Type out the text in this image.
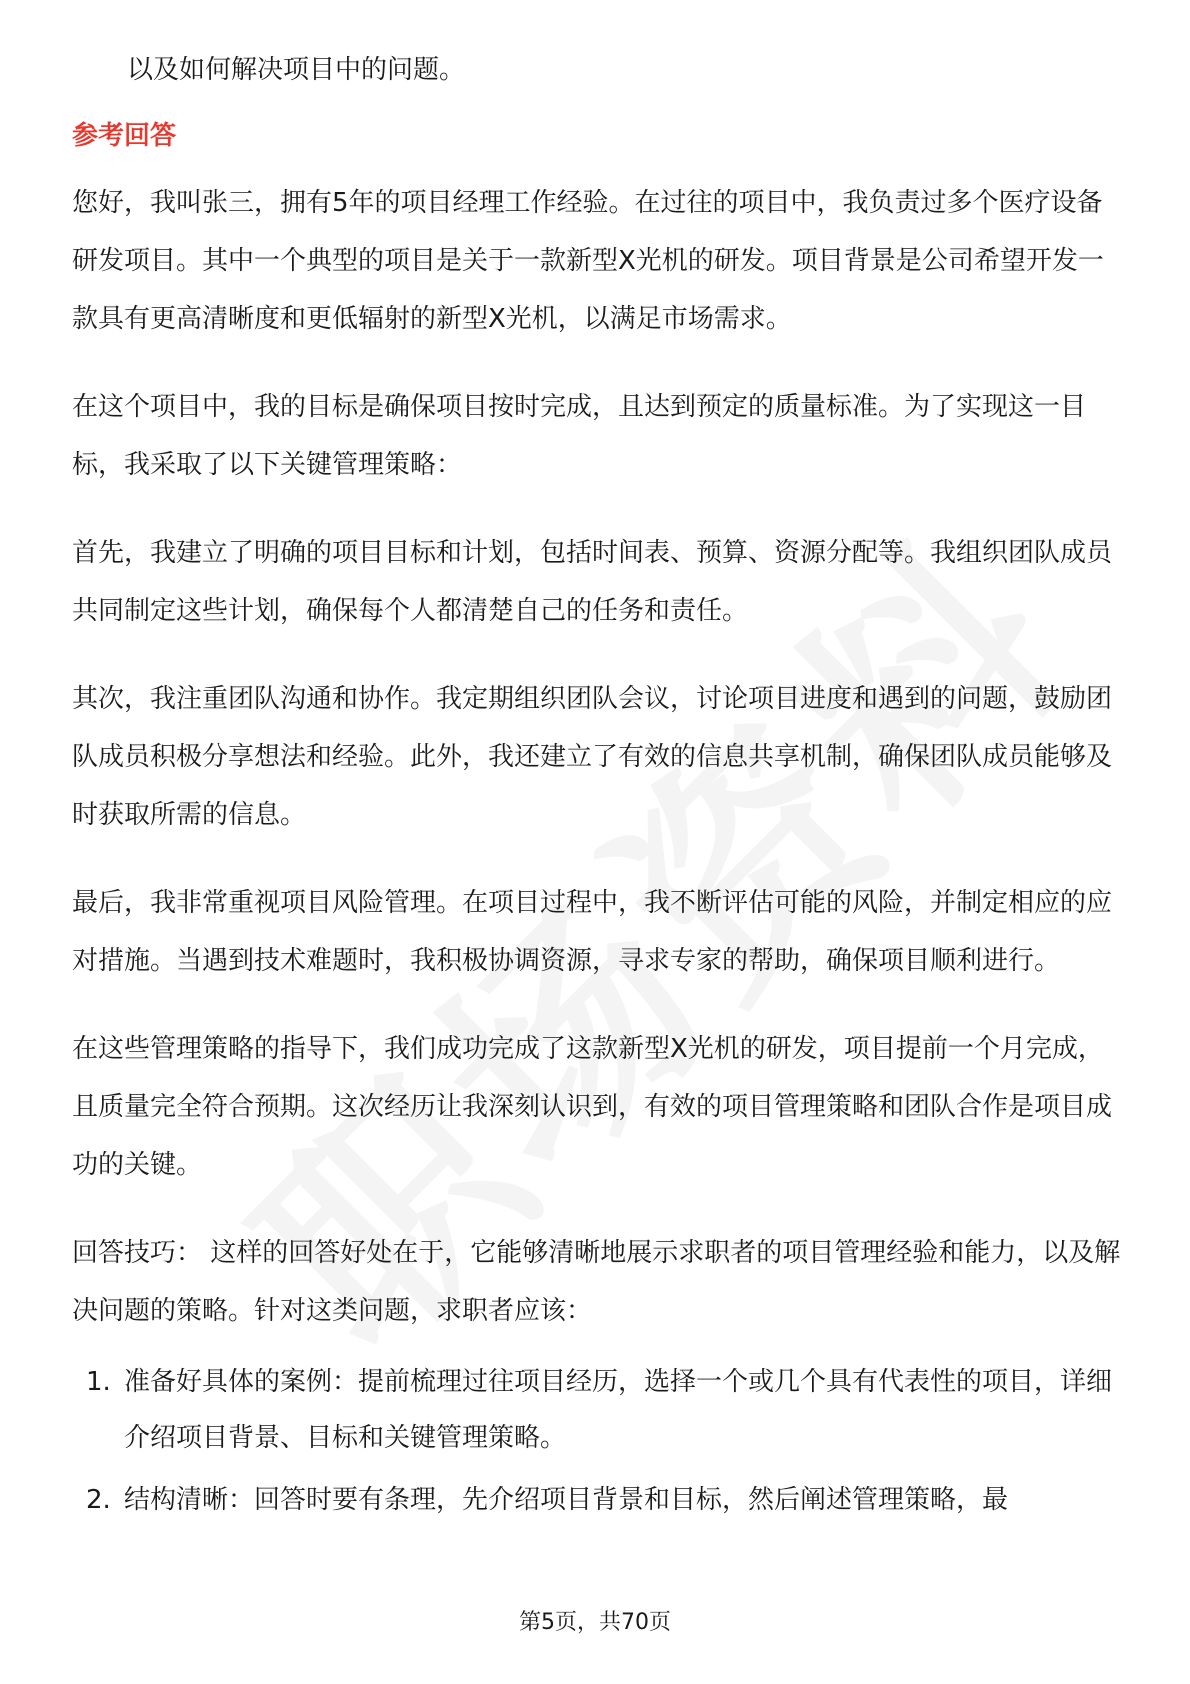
以及如何解决项目中的问题。

参考回答

您好，我叫张三，拥有5年的项目经理工作经验。在过往的项目中，我负责过多个医疗设备研发项目。其中一个典型的项目是关于一款新型X光机的研发。项目背景是公司希望开发一款具有更高清晰度和更低辐射的新型X光机，以满足市场需求。

在这个项目中，我的目标是确保项目按时完成，且达到预定的质量标准。为了实现这一目标，我采取了以下关键管理策略：

首先，我建立了明确的项目目标和计划，包括时间表、预算、资源分配等。我组织团队成员共同制定这些计划，确保每个人都清楚自己的任务和责任。

其次，我注重团队沟通和协作。我定期组织团队会议，讨论项目进度和遇到的问题，鼓励团队成员积极分享想法和经验。此外，我还建立了有效的信息共享机制，确保团队成员能够及时获取所需的信息。

最后，我非常重视项目风险管理。在项目过程中，我不断评估可能的风险，并制定相应的应对措施。当遇到技术难题时，我积极协调资源，寻求专家的帮助，确保项目顺利进行。

在这些管理策略的指导下，我们成功完成了这款新型X光机的研发，项目提前一个月完成，且质量完全符合预期。这次经历让我深刻认识到，有效的项目管理策略和团队合作是项目成功的关键。

回答技巧： 这样的回答好处在于，它能够清晰地展示求职者的项目管理经验和能力，以及解决问题的策略。针对这类问题，求职者应该：

1. 准备好具体的案例：提前梳理过往项目经历，选择一个或几个具有代表性的项目，详细介绍项目背景、目标和关键管理策略。
2. 结构清晰：回答时要有条理，先介绍项目背景和目标，然后阐述管理策略，最
第5页，共70页
